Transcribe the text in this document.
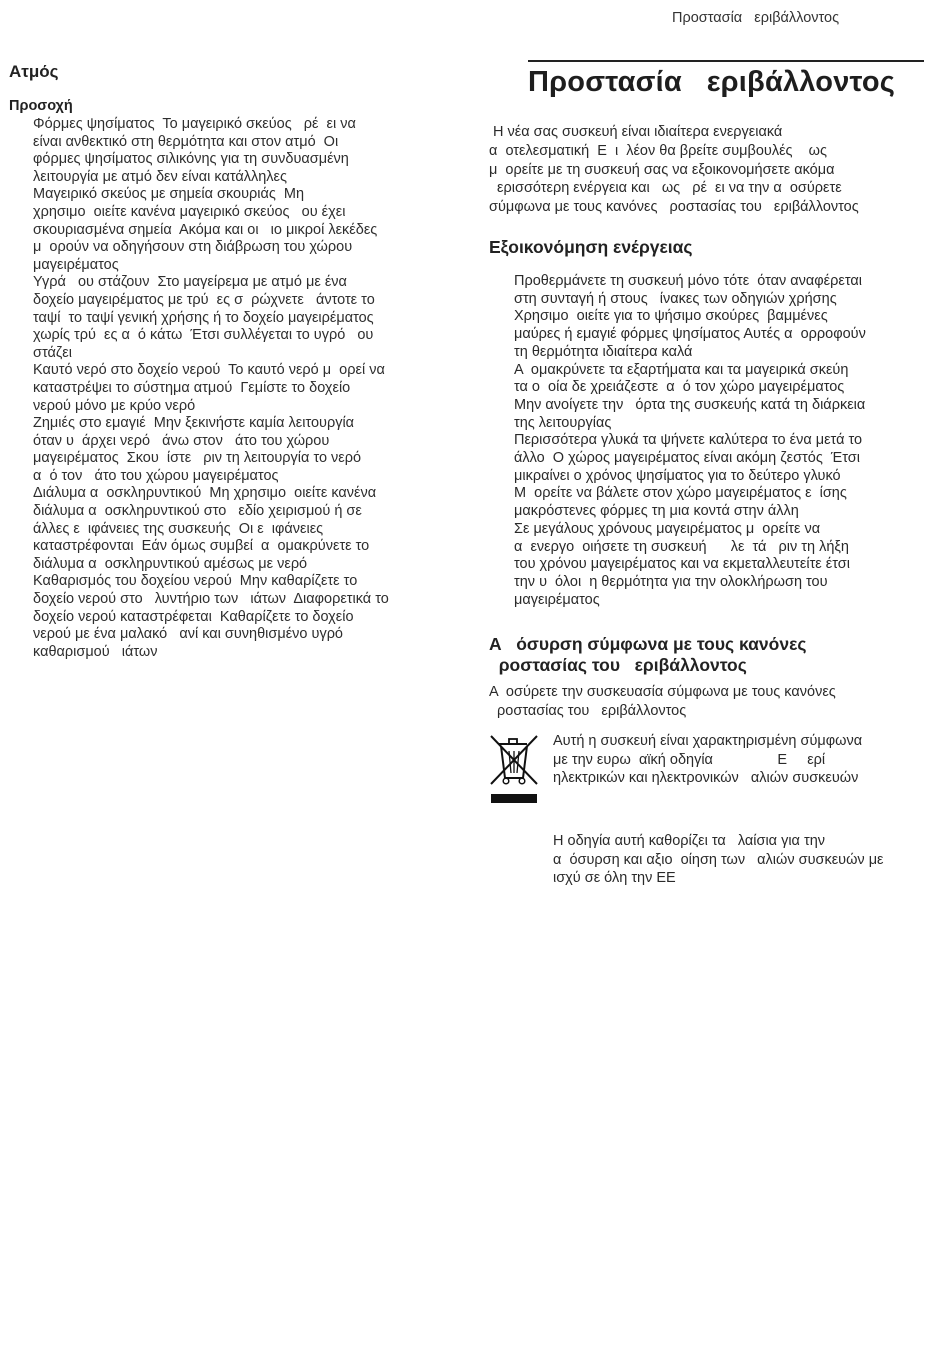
Προστασία   εριβάλλοντος
Ατμός
Προσοχή
Φόρμες ψησίματος  Το μαγειρικό σκεύος   ρέ  ει να
είναι ανθεκτικό στη θερμότητα και στον ατμό  Οι
φόρμες ψησίματος σιλικόνης για τη συνδυασμένη
λειτουργία με ατμό δεν είναι κατάλληλες
Μαγειρικό σκεύος με σημεία σκουριάς  Μη
χρησιμο  οιείτε κανένα μαγειρικό σκεύος   ου έχει
σκουριασμένα σημεία  Ακόμα και οι   ιο μικροί λεκέδες
μ  ορούν να οδηγήσουν στη διάβρωση του χώρου
μαγειρέματος
Υγρά   ου στάζουν  Στο μαγείρεμα με ατμό με ένα
δοχείο μαγειρέματος με τρύ  ες σ  ρώχνετε   άντοτε το
ταψί  το ταψί γενική χρήσης ή το δοχείο μαγειρέματος
χωρίς τρύ  ες α  ό κάτω  Έτσι συλλέγεται το υγρό   ου
στάζει
Καυτό νερό στο δοχείο νερού  Το καυτό νερό μ  ορεί να
καταστρέψει το σύστημα ατμού  Γεμίστε το δοχείο
νερού μόνο με κρύο νερό
Ζημιές στο εμαγιέ  Μην ξεκινήστε καμία λειτουργία
όταν υ  άρχει νερό   άνω στον   άτο του χώρου
μαγειρέματος  Σκου  ίστε   ριν τη λειτουργία το νερό
α  ό τον   άτο του χώρου μαγειρέματος
Διάλυμα α  οσκληρυντικού  Μη χρησιμο  οιείτε κανένα
διάλυμα α  οσκληρυντικού στο   εδίο χειρισμού ή σε
άλλες ε  ιφάνειες της συσκευής  Οι ε  ιφάνειες
καταστρέφονται  Εάν όμως συμβεί  α  ομακρύνετε το
διάλυμα α  οσκληρυντικού αμέσως με νερό
Καθαρισμός του δοχείου νερού  Μην καθαρίζετε το
δοχείο νερού στο   λυντήριο των   ιάτων  Διαφορετικά το
δοχείο νερού καταστρέφεται  Καθαρίζετε το δοχείο
νερού με ένα μαλακό   ανί και συνηθισμένο υγρό
καθαρισμού   ιάτων
Προστασία   εριβάλλοντος
Η νέα σας συσκευή είναι ιδιαίτερα ενεργειακά
α  οτελεσματική  Ε  ι  λέον θα βρείτε συμβουλές    ως
μ  ορείτε με τη συσκευή σας να εξοικονομήσετε ακόμα
ερισσότερη ενέργεια και   ως   ρέ  ει να την α  οσύρετε
σύμφωνα με τους κανόνες   ροστασίας του   εριβάλλοντος
Εξοικονόμηση ενέργειας
Προθερμάνετε τη συσκευή μόνο τότε  όταν αναφέρεται
στη συνταγή ή στους   ίνακες των οδηγιών χρήσης
Χρησιμο  οιείτε για το ψήσιμο σκούρες  βαμμένες
μαύρες ή εμαγιέ φόρμες ψησίματος Αυτές α  ορροφούν
τη θερμότητα ιδιαίτερα καλά
Α  ομακρύνετε τα εξαρτήματα και τα μαγειρικά σκεύη
τα ο  οία δε χρειάζεστε  α  ό τον χώρο μαγειρέματος
Μην ανοίγετε την   όρτα της συσκευής κατά τη διάρκεια
της λειτουργίας
Περισσότερα γλυκά τα ψήνετε καλύτερα το ένα μετά το
άλλο  Ο χώρος μαγειρέματος είναι ακόμη ζεστός  Έτσι
μικραίνει ο χρόνος ψησίματος για το δεύτερο γλυκό
Μ  ορείτε να βάλετε στον χώρο μαγειρέματος ε  ίσης
μακρόστενες φόρμες τη μια κοντά στην άλλη
Σε μεγάλους χρόνους μαγειρέματος μ  ορείτε να
α  ενεργο  οιήσετε τη συσκευή      λε  τά   ριν τη λήξη
του χρόνου μαγειρέματος και να εκμεταλλευτείτε έτσι
την υ  όλοι  η θερμότητα για την ολοκλήρωση του
μαγειρέματος
Α   όσυρση σύμφωνα με τους κανόνες
ροστασίας του   εριβάλλοντος
Α  οσύρετε την συσκευασία σύμφωνα με τους κανόνες
ροστασίας του   εριβάλλοντος
Αυτή η συσκευή είναι χαρακτηρισμένη σύμφωνα
με την ευρω  αϊκή οδηγία                Ε     ερί
ηλεκτρικών και ηλεκτρονικών   αλιών συσκευών
Η οδηγία αυτή καθορίζει τα   λαίσια για την
α  όσυρση και αξιο  οίηση των   αλιών συσκευών με
ισχύ σε όλη την ΕΕ
